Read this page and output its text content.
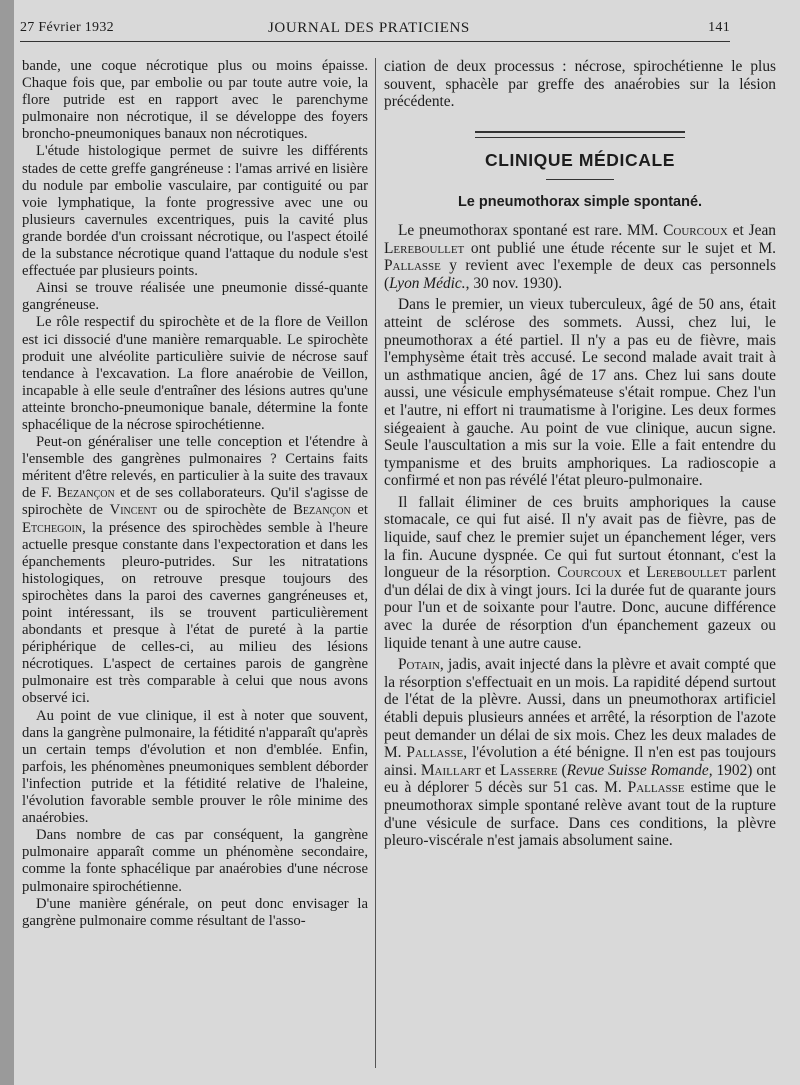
27 Février 1932	JOURNAL DES PRATICIENS	141

bande, une coque nécrotique plus ou moins épaisse. Chaque fois que, par embolie ou par toute autre voie, la flore putride est en rapport avec le parenchyme pulmonaire non nécrotique, il se développe des foyers broncho-pneumoniques banaux non nécrotiques.

L'étude histologique permet de suivre les différents stades de cette greffe gangréneuse : l'amas arrivé en lisière du nodule par embolie vasculaire, par contiguité ou par voie lymphatique, la fonte progressive avec une ou plusieurs cavernules excentriques, puis la cavité plus grande bordée d'un croissant nécrotique, ou l'aspect étoilé de la substance nécrotique quand l'attaque du nodule s'est effectuée par plusieurs points.

Ainsi se trouve réalisée une pneumonie dissé-quante gangréneuse.

Le rôle respectif du spirochète et de la flore de Veillon est ici dissocié d'une manière remarquable. Le spirochète produit une alvéolite particulière suivie de nécrose sauf tendance à l'excavation. La flore anaérobie de Veillon, incapable à elle seule d'entraîner des lésions autres qu'une atteinte broncho-pneumonique banale, détermine la fonte sphacélique de la nécrose spirochétienne.

Peut-on généraliser une telle conception et l'étendre à l'ensemble des gangrènes pulmonaires ? Certains faits méritent d'être relevés, en particulier à la suite des travaux de F. Bezançon et de ses collaborateurs. Qu'il s'agisse de spirochète de Vincent ou de spirochète de Bezançon et Etchegoin, la présence des spirochèdes semble à l'heure actuelle presque constante dans l'expectoration et dans les épanchements pleuro-putrides. Sur les nitratations histologiques, on retrouve presque toujours des spirochètes dans la paroi des cavernes gangréneuses et, point intéressant, ils se trouvent particulièrement abondants et presque à l'état de pureté à la partie périphérique de celles-ci, au milieu des lésions nécrotiques. L'aspect de certaines parois de gangrène pulmonaire est très comparable à celui que nous avons observé ici.

Au point de vue clinique, il est à noter que souvent, dans la gangrène pulmonaire, la fétidité n'apparaît qu'après un certain temps d'évolution et non d'emblée. Enfin, parfois, les phénomènes pneumoniques semblent déborder l'infection putride et la fétidité relative de l'haleine, l'évolution favorable semble prouver le rôle minime des anaérobies.

Dans nombre de cas par conséquent, la gangrène pulmonaire apparaît comme un phénomène secondaire, comme la fonte sphacélique par anaérobies d'une nécrose pulmonaire spirochétienne.

D'une manière générale, on peut donc envisager la gangrène pulmonaire comme résultant de l'asso-

ciation de deux processus : nécrose, spirochétienne le plus souvent, sphacèle par greffe des anaérobies sur la lésion précédente.

CLINIQUE MÉDICALE
Le pneumothorax simple spontané.

Le pneumothorax spontané est rare. MM. Courcoux et Jean Lereboullet ont publié une étude récente sur le sujet et M. Pallasse y revient avec l'exemple de deux cas personnels (Lyon Médic., 30 nov. 1930).

Dans le premier, un vieux tuberculeux, âgé de 50 ans, était atteint de sclérose des sommets. Aussi, chez lui, le pneumothorax a été partiel. Il n'y a pas eu de fièvre, mais l'emphysème était très accusé. Le second malade avait trait à un asthmatique ancien, âgé de 17 ans. Chez lui sans doute aussi, une vésicule emphysémateuse s'était rompue. Chez l'un et l'autre, ni effort ni traumatisme à l'origine. Les deux formes siégeaient à gauche. Au point de vue clinique, aucun signe. Seule l'auscultation a mis sur la voie. Elle a fait entendre du tympanisme et des bruits amphoriques. La radioscopie a confirmé et non pas révélé l'état pleuro-pulmonaire.

Il fallait éliminer de ces bruits amphoriques la cause stomacale, ce qui fut aisé. Il n'y avait pas de fièvre, pas de liquide, sauf chez le premier sujet un épanchement léger, vers la fin. Aucune dyspnée. Ce qui fut surtout étonnant, c'est la longueur de la résorption. Courcoux et Lereboullet parlent d'un délai de dix à vingt jours. Ici la durée fut de quarante jours pour l'un et de soixante pour l'autre. Donc, aucune différence avec la durée de résorption d'un épanchement gazeux ou liquide tenant à une autre cause.

Potain, jadis, avait injecté dans la plèvre et avait compté que la résorption s'effectuait en un mois. La rapidité dépend surtout de l'état de la plèvre. Aussi, dans un pneumothorax artificiel établi depuis plusieurs années et arrêté, la résorption de l'azote peut demander un délai de six mois. Chez les deux malades de M. Pallasse, l'évolution a été bénigne. Il n'en est pas toujours ainsi. Maillart et Lasserre (Revue Suisse Romande, 1902) ont eu à déplorer 5 décès sur 51 cas. M. Pallasse estime que le pneumothorax simple spontané relève avant tout de la rupture d'une vésicule de surface. Dans ces conditions, la plèvre pleuro-viscérale n'est jamais absolument saine.
